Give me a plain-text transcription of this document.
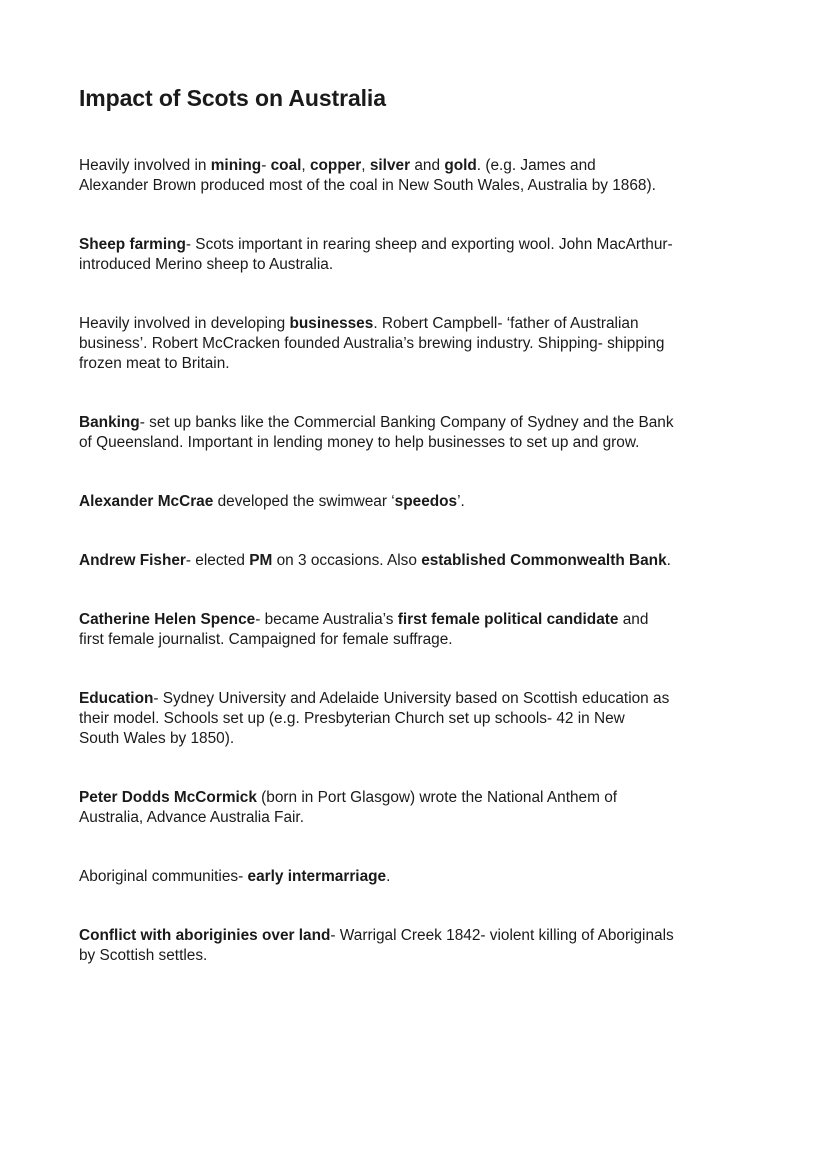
Impact of Scots on Australia

Heavily involved in mining- coal, copper, silver and gold. (e.g. James and
Alexander Brown produced most of the coal in New South Wales, Australia by 1868).

Sheep farming- Scots important in rearing sheep and exporting wool. John MacArthur-
introduced Merino sheep to Australia.

Heavily involved in developing businesses. Robert Campbell- ‘father of Australian
business’. Robert McCracken founded Australia’s brewing industry. Shipping- shipping
frozen meat to Britain.

Banking- set up banks like the Commercial Banking Company of Sydney and the Bank
of Queensland. Important in lending money to help businesses to set up and grow.

Alexander McCrae developed the swimwear ‘speedos’.

Andrew Fisher- elected PM on 3 occasions. Also established Commonwealth Bank.

Catherine Helen Spence- became Australia’s first female political candidate and
first female journalist. Campaigned for female suffrage.

Education- Sydney University and Adelaide University based on Scottish education as
their model. Schools set up (e.g. Presbyterian Church set up schools- 42 in New
South Wales by 1850).

Peter Dodds McCormick (born in Port Glasgow) wrote the National Anthem of
Australia, Advance Australia Fair.

Aboriginal communities- early intermarriage.

Conflict with aboriginies over land- Warrigal Creek 1842- violent killing of Aboriginals
by Scottish settles.
